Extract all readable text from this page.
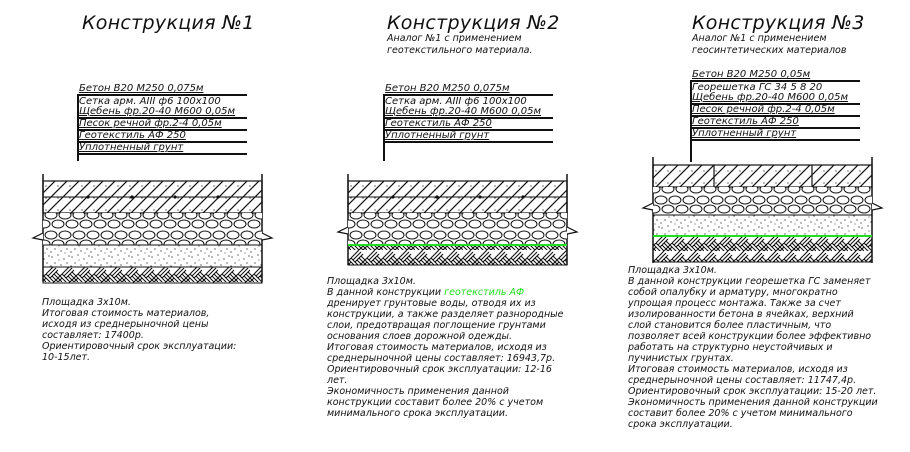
Конструкция №1
Бетон В20 М250 0,075м
Сетка арм. АIII ф6 100х100
Щебень фр.20-40 М600 0,05м
Песок речной фр.2-4 0,05м
Геотекстиль АФ 250
Уплотненный грунт
Площадка 3х10м.
Итоговая стоимость материалов,
исходя из среднерыночной цены
составляет: 17400р.
Ориентировочный срок эксплуатации:
10-15лет.
Конструкция №2
Аналог №1 с применением
геотекстильного материала.
Бетон В20 М250 0,075м
Сетка арм. АIII ф6 100х100
Щебень фр.20-40 М600 0,05м
Геотекстиль АФ 250
Уплотненный грунт
Площадка 3х10м.
В данной конструкции геотекстиль АФ
дренирует грунтовые воды, отводя их из
конструкции, а также разделяет разнородные
слои, предотвращая поглощение грунтами
основания слоев дорожной одежды.
Итоговая стоимость материалов, исходя из
среднерыночной цены составляет: 16943,7р.
Ориентировочный срок эксплуатации: 12-16
лет.
Экономичность применения данной
конструкции составит более 20% с учетом
минимального срока эксплуатации.
Конструкция №3
Аналог №1 с применением
геосинтетических материалов
Бетон В20 М250 0,05м
Георешетка ГС 34 5 8 20
Щебень фр.20-40 М600 0,05м
Песок речной фр.2-4 0,05м
Геотекстиль АФ 250
Уплотненный грунт
Площадка 3х10м.
В данной конструкции георешетка ГС заменяет
собой опалубку и арматуру, многократно
упрощая процесс монтажа. Также за счет
изолированности бетона в ячейках, верхний
слой становится более пластичным, что
позволяет всей конструкции более эффективно
работать на структурно неустойчивых и
пучинистых грунтах.
Итоговая стоимость материалов, исходя из
среднерыночной цены составляет: 11747,4р.
Ориентировочный срок эксплуатации: 15-20 лет.
Экономичность применения данной конструкции
составит более 20% с учетом минимального
срока эксплуатации.
